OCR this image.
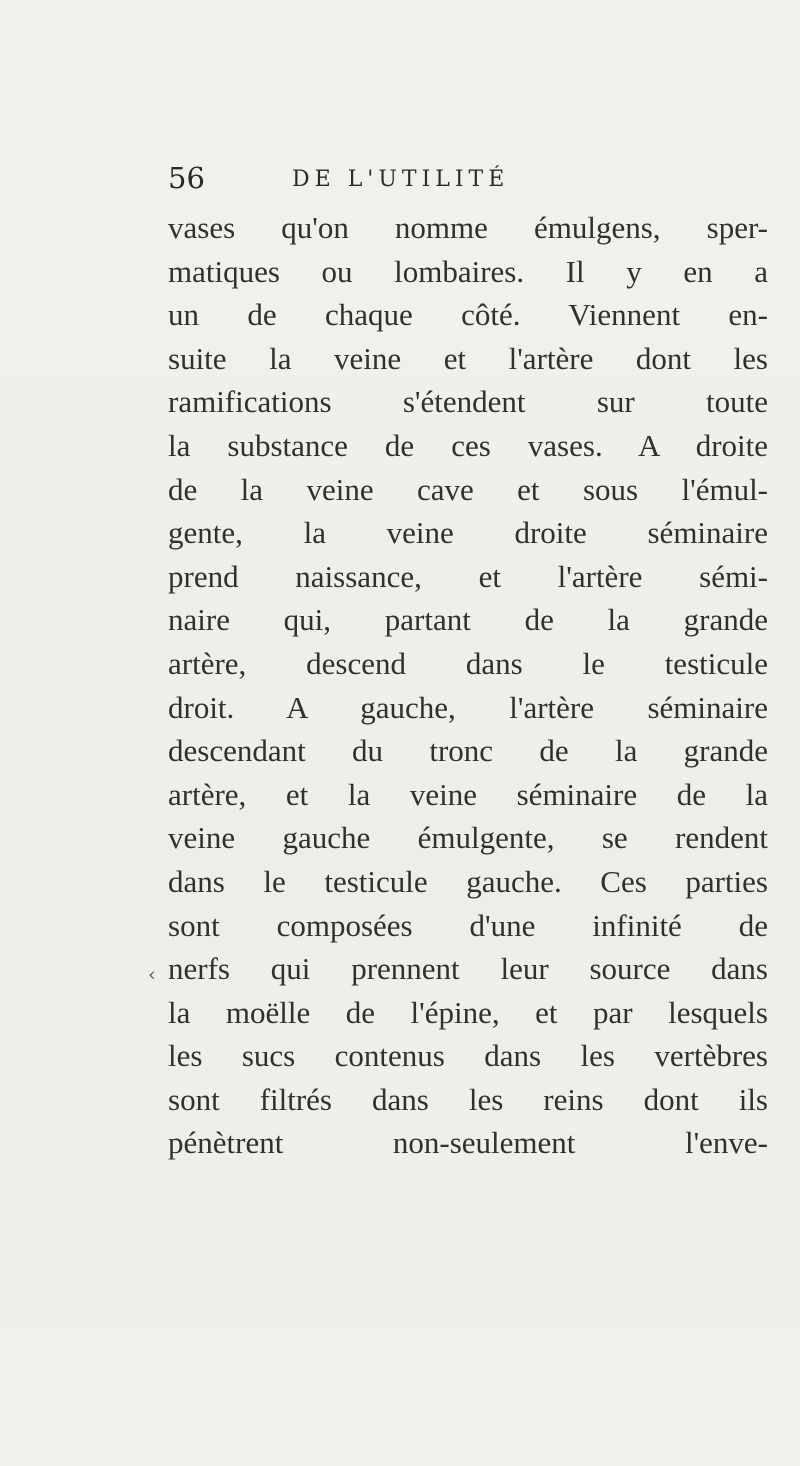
56	DE L'UTILITÉ
‹
vases qu'on nomme émulgens, sper-
matiques ou lombaires. Il y en a
un de chaque côté. Viennent en-
suite la veine et l'artère dont les
ramifications s'étendent sur toute
la substance de ces vases. A droite
de la veine cave et sous l'émul-
gente, la veine droite séminaire
prend naissance, et l'artère sémi-
naire qui, partant de la grande
artère, descend dans le testicule
droit. A gauche, l'artère séminaire
descendant du tronc de la grande
artère, et la veine séminaire de la
veine gauche émulgente, se rendent
dans le testicule gauche. Ces parties
sont composées d'une infinité de
nerfs qui prennent leur source dans
la moëlle de l'épine, et par lesquels
les sucs contenus dans les vertèbres
sont filtrés dans les reins dont ils
pénètrent non-seulement l'enve-
